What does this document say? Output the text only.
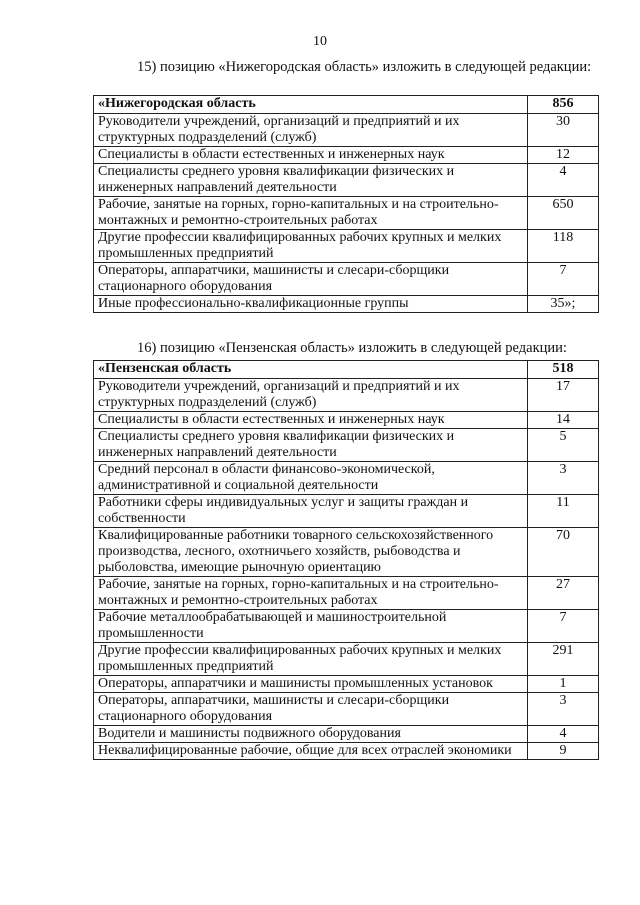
10
15) позицию «Нижегородская область» изложить в следующей редакции:
«Нижегородская область	856
Руководители учреждений, организаций и предприятий и их структурных подразделений (служб)	30
Специалисты в области естественных и инженерных наук	12
Специалисты среднего уровня квалификации физических и инженерных направлений деятельности	4
Рабочие, занятые на горных, горно-капитальных и на строительно-монтажных и ремонтно-строительных работах	650
Другие профессии квалифицированных рабочих крупных и мелких промышленных предприятий	118
Операторы, аппаратчики, машинисты и слесари-сборщики стационарного оборудования	7
Иные профессионально-квалификационные группы	35»;
16) позицию «Пензенская область» изложить в следующей редакции:
«Пензенская область	518
Руководители учреждений, организаций и предприятий и их структурных подразделений (служб)	17
Специалисты в области естественных и инженерных наук	14
Специалисты среднего уровня квалификации физических и инженерных направлений деятельности	5
Средний персонал в области финансово-экономической, административной и социальной деятельности	3
Работники сферы индивидуальных услуг и защиты граждан и собственности	11
Квалифицированные работники товарного сельскохозяйственного производства, лесного, охотничьего хозяйств, рыбоводства и рыболовства, имеющие рыночную ориентацию	70
Рабочие, занятые на горных, горно-капитальных и на строительно-монтажных и ремонтно-строительных работах	27
Рабочие металлообрабатывающей и машиностроительной промышленности	7
Другие профессии квалифицированных рабочих крупных и мелких промышленных предприятий	291
Операторы, аппаратчики и машинисты промышленных установок	1
Операторы, аппаратчики, машинисты и слесари-сборщики стационарного оборудования	3
Водители и машинисты подвижного оборудования	4
Неквалифицированные рабочие, общие для всех отраслей экономики	9
